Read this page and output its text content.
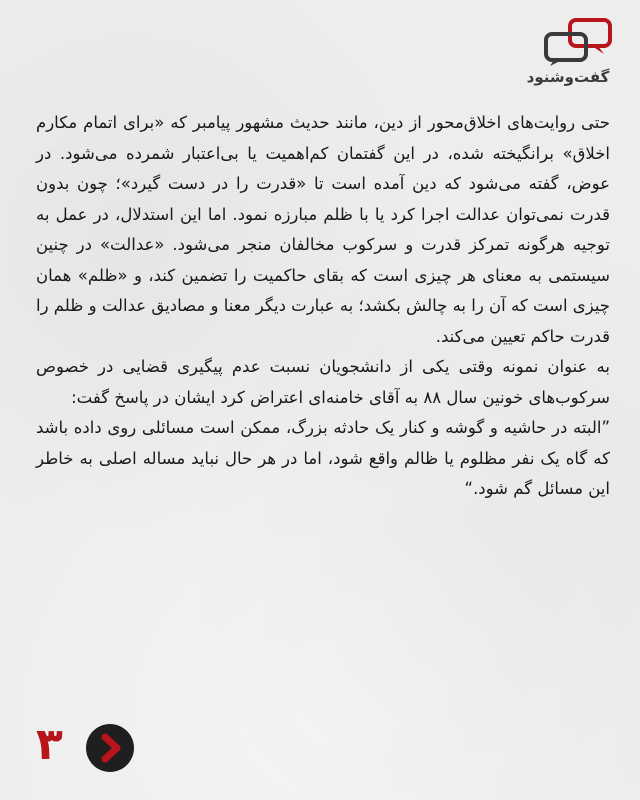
گفت‌وشنود

حتی روایت‌های اخلاق‌محور از دین، مانند حدیث مشهور پیامبر که «برای اتمام مکارم اخلاق» برانگیخته شده، در این گفتمان کم‌اهمیت یا بی‌اعتبار شمرده می‌شود. در عوض، گفته می‌شود که دین آمده است تا «قدرت را در دست گیرد»؛ چون بدون قدرت نمی‌توان عدالت اجرا کرد یا با ظلم مبارزه نمود. اما این استدلال، در عمل به توجیه هرگونه تمرکز قدرت و سرکوب مخالفان منجر می‌شود. «عدالت» در چنین سیستمی به معنای هر چیزی است که بقای حاکمیت را تضمین کند، و «ظلم» همان چیزی است که آن را به چالش بکشد؛ به عبارت دیگر معنا و مصادیق عدالت و ظلم را قدرت حاکم تعیین می‌کند.

به عنوان نمونه وقتی یکی از دانشجویان نسبت عدم پیگیری قضایی در خصوص سرکوب‌های خونین سال ۸۸ به آقای خامنه‌ای اعتراض کرد ایشان در پاسخ گفت:

”البته در حاشیه و گوشه و کنار یک حادثه بزرگ، ممکن است مسائلی روی داده باشد که گاه یک نفر مظلوم یا ظالم واقع شود، اما در هر حال نباید مساله اصلی به خاطر این مسائل گم شود.“

۳
